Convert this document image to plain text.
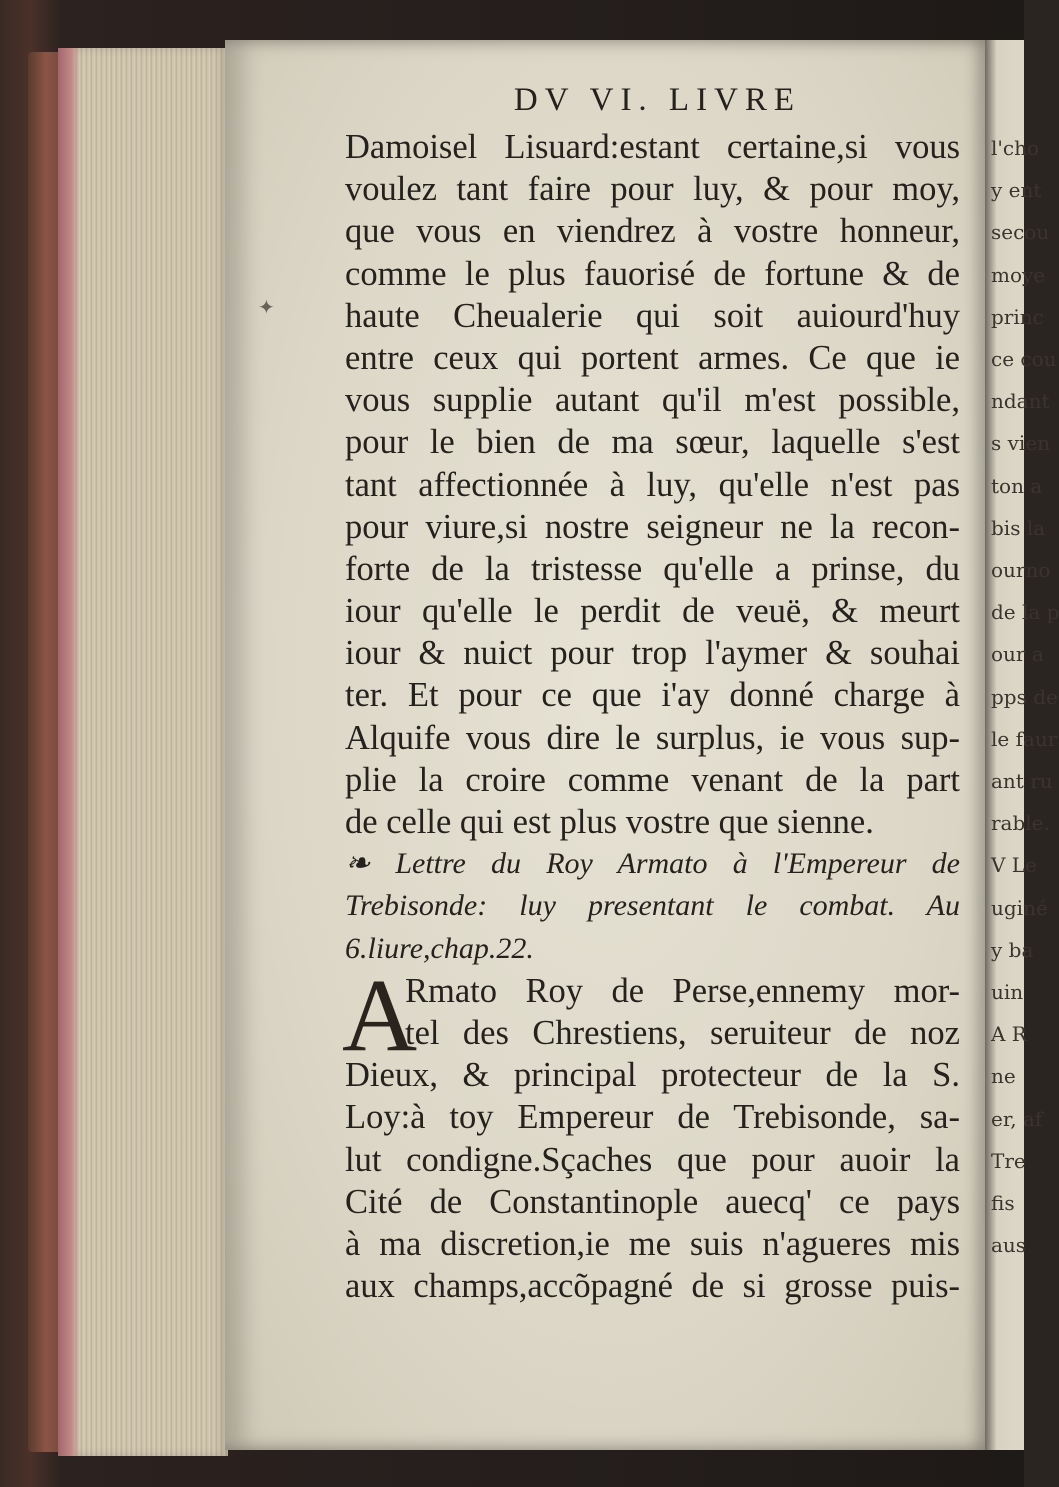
l'cho
y ent
secou
moye
princ
ce cou
ndant
s vien
ton a
bis la
ourno
de la p
our a
pps de
le faur
ant ru
rable.
V Le
uginé
y ba
uin
A R
ne
er, af
Tre
fis
aus
✦
DV VI. LIVRE
Damoisel Lisuard:estant certaine,si vous
voulez tant faire pour luy, & pour moy,
que vous en viendrez à vostre honneur,
comme le plus fauorisé de fortune & de
haute Cheualerie qui soit auiourd'huy
entre ceux qui portent armes. Ce que ie
vous supplie autant qu'il m'est possible,
pour le bien de ma sœur, laquelle s'est
tant affectionnée à luy, qu'elle n'est pas
pour viure,si nostre seigneur ne la recon-
forte de la tristesse qu'elle a prinse, du
iour qu'elle le perdit de veuë, & meurt
iour & nuict pour trop l'aymer & souhai
ter. Et pour ce que i'ay donné charge à
Alquife vous dire le surplus, ie vous sup-
plie la croire comme venant de la part
de celle qui est plus vostre que sienne.
❧ Lettre du Roy Armato à l'Empereur de
Trebisonde: luy presentant le combat. Au
6.liure,chap.22.
A
Rmato Roy de Perse,ennemy mor-
tel des Chrestiens, seruiteur de noz
Dieux, & principal protecteur de la S.
Loy:à toy Empereur de Trebisonde, sa-
lut condigne.Sçaches que pour auoir la
Cité de Constantinople auecq' ce pays
à ma discretion,ie me suis n'agueres mis
aux champs,accõpagné de si grosse puis-
